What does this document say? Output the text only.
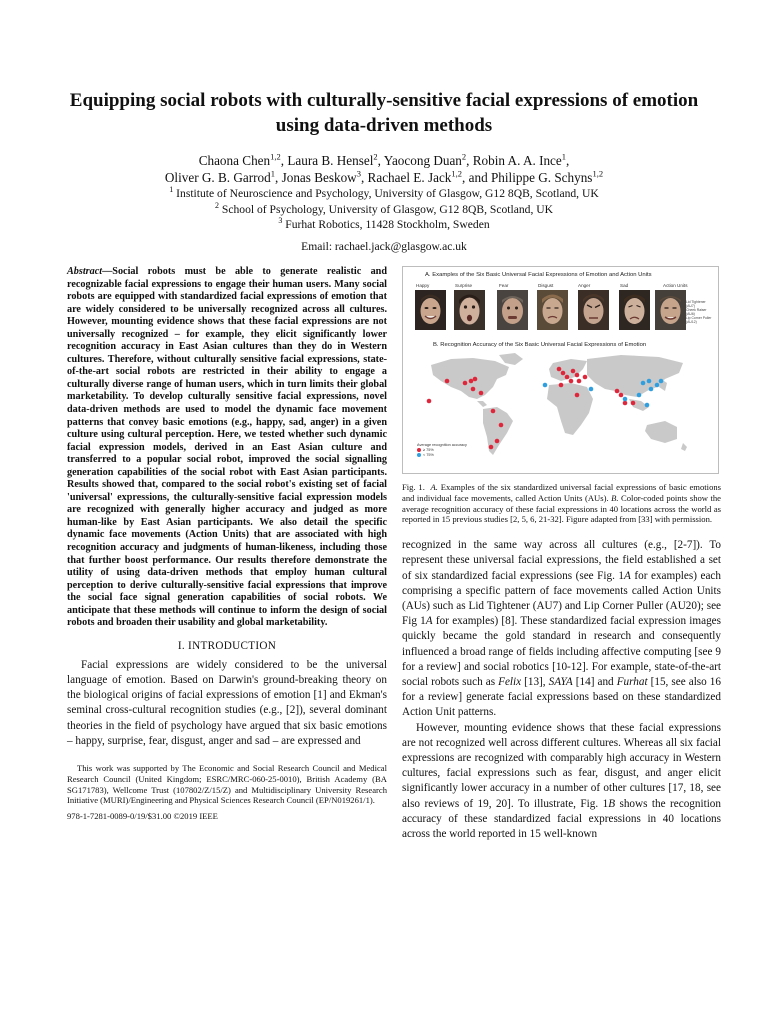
Equipping social robots with culturally-sensitive facial expressions of emotion using data-driven methods
Chaona Chen$^{1,2}$, Laura B. Hensel$^2$, Yaocong Duan$^2$, Robin A. A. Ince$^1$,
Oliver G. B. Garrod$^1$, Jonas Beskow$^3$, Rachael E. Jack$^{1,2}$, and Philippe G. Schyns$^{1,2}$
$^1$ Institute of Neuroscience and Psychology, University of Glasgow, G12 8QB, Scotland, UK
$^2$ School of Psychology, University of Glasgow, G12 8QB, Scotland, UK
$^3$ Furhat Robotics, 11428 Stockholm, Sweden
Email: rachael.jack@glasgow.ac.uk
Abstract—Social robots must be able to generate realistic and recognizable facial expressions to engage their human users. Many social robots are equipped with standardized facial expressions of emotion that are widely considered to be universally recognized across all cultures. However, mounting evidence shows that these facial expressions are not universally recognized – for example, they elicit significantly lower recognition accuracy in East Asian cultures than they do in Western cultures. Therefore, without culturally sensitive facial expressions, state-of-the-art social robots are restricted in their ability to engage a culturally diverse range of human users, which in turn limits their global marketability. To develop culturally sensitive facial expressions, novel data-driven methods are used to model the dynamic face movement patterns that convey basic emotions (e.g., happy, sad, anger) in a given culture using cultural perception. Here, we tested whether such dynamic facial expression models, derived in an East Asian culture and transferred to a popular social robot, improved the social signalling generation capabilities of the social robot with East Asian participants. Results showed that, compared to the social robot's existing set of facial 'universal' expressions, the culturally-sensitive facial expression models are recognized with generally higher accuracy and judged as more human-like by East Asian participants. We also detail the specific dynamic face movements (Action Units) that are associated with high recognition accuracy and judgments of human-likeness, including those that further boost performance. Our results therefore demonstrate the utility of using data-driven methods that employ human cultural perception to derive culturally-sensitive facial expressions that improve the social face signal generation capabilities of social robots. We anticipate that these methods will continue to inform the design of social robots and broaden their usability and global marketability.
I. INTRODUCTION

Facial expressions are widely considered to be the universal language of emotion. Based on Darwin's ground-breaking theory on the biological origins of facial expressions of emotion [1] and Ekman's seminal cross-cultural recognition studies (e.g., [2]), several dominant theories in the field of psychology have argued that six basic emotions – happy, surprise, fear, disgust, anger and sad – are expressed and

This work was supported by The Economic and Social Research Council and Medical Research Council (United Kingdom; ESRC/MRC-060-25-0010), British Academy (BA SG171783), Wellcome Trust (107802/Z/15/Z) and Multidisciplinary University Research Initiative (MURI)/Engineering and Physical Sciences Research Council (EP/N019261/1).
978-1-7281-0089-0/19/$31.00 ©2019 IEEE
A. Examples of the Six Basic Universal Facial Expressions of Emotion and Action Units
Happy	Surprise	Fear	Disgust	Anger	Sad	Action Units
Lid Tightener (AU7)
Cheek Raiser (AU6)
Lip Corner Puller (AU12)
B. Recognition Accuracy of the Six Basic Universal Facial Expressions of Emotion
Average recognition accuracy
≥ 75%
< 75%
Fig. 1. A. Examples of the six standardized universal facial expressions of basic emotions and individual face movements, called Action Units (AUs). B. Color-coded points show the average recognition accuracy of these facial expressions in 40 locations across the world as reported in 15 previous studies [2, 5, 6, 21-32]. Figure adapted from [33] with permission.

recognized in the same way across all cultures (e.g., [2-7]). To represent these universal facial expressions, the field established a set of six standardized facial expressions (see Fig. 1A for examples) each comprising a specific pattern of face movements called Action Units (AUs) such as Lid Tightener (AU7) and Lip Corner Puller (AU20); see Fig 1A for examples) [8]. These standardized facial expression images quickly became the gold standard in research and consequently influenced a broad range of fields including affective computing [see 9 for a review] and social robotics [10-12]. For example, state-of-the-art social robots such as Felix [13], SAYA [14] and Furhat [15, see also 16 for a review] generate facial expressions based on these standardized Action Unit patterns.

However, mounting evidence shows that these facial expressions are not recognized well across different cultures. Whereas all six facial expressions are recognized with comparably high accuracy in Western cultures, facial expressions such as fear, disgust, and anger elicit significantly lower accuracy in a number of other cultures [17, 18, see also reviews of 19, 20]. To illustrate, Fig. 1B shows the recognition accuracy of these standardized facial expressions in 40 locations across the world reported in 15 well-known
